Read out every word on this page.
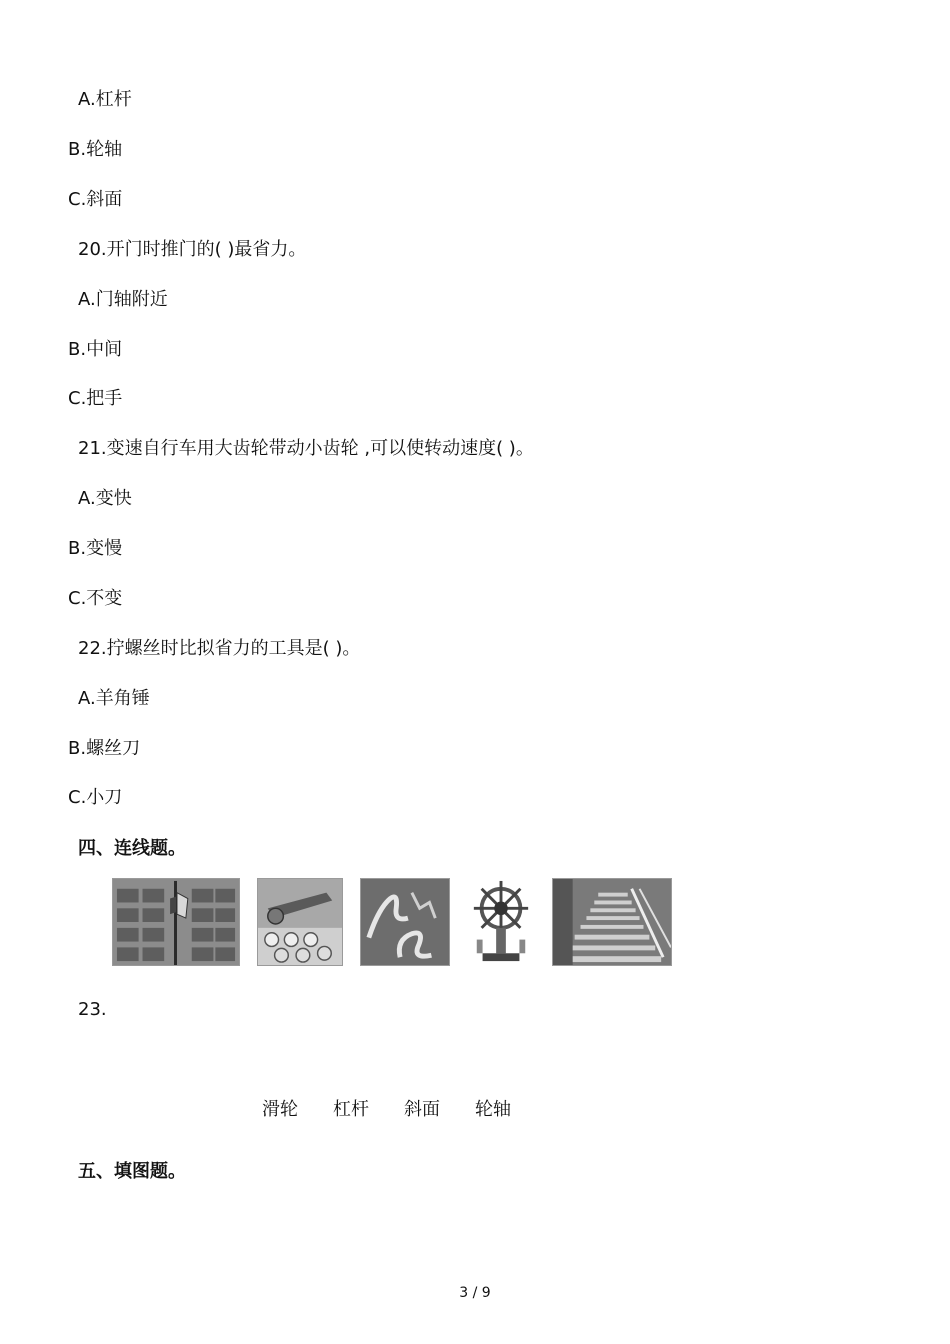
A.杠杆
B.轮轴
C.斜面
20.开门时推门的( )最省力。
A.门轴附近
B.中间
C.把手
21.变速自行车用大齿轮带动小齿轮 ,可以使转动速度( )。
A.变快
B.变慢
C.不变
22.拧螺丝时比拟省力的工具是( )。
A.羊角锤
B.螺丝刀
C.小刀
四、连线题。
23.
滑轮 杠杆 斜面 轮轴
五、填图题。
3 / 9
